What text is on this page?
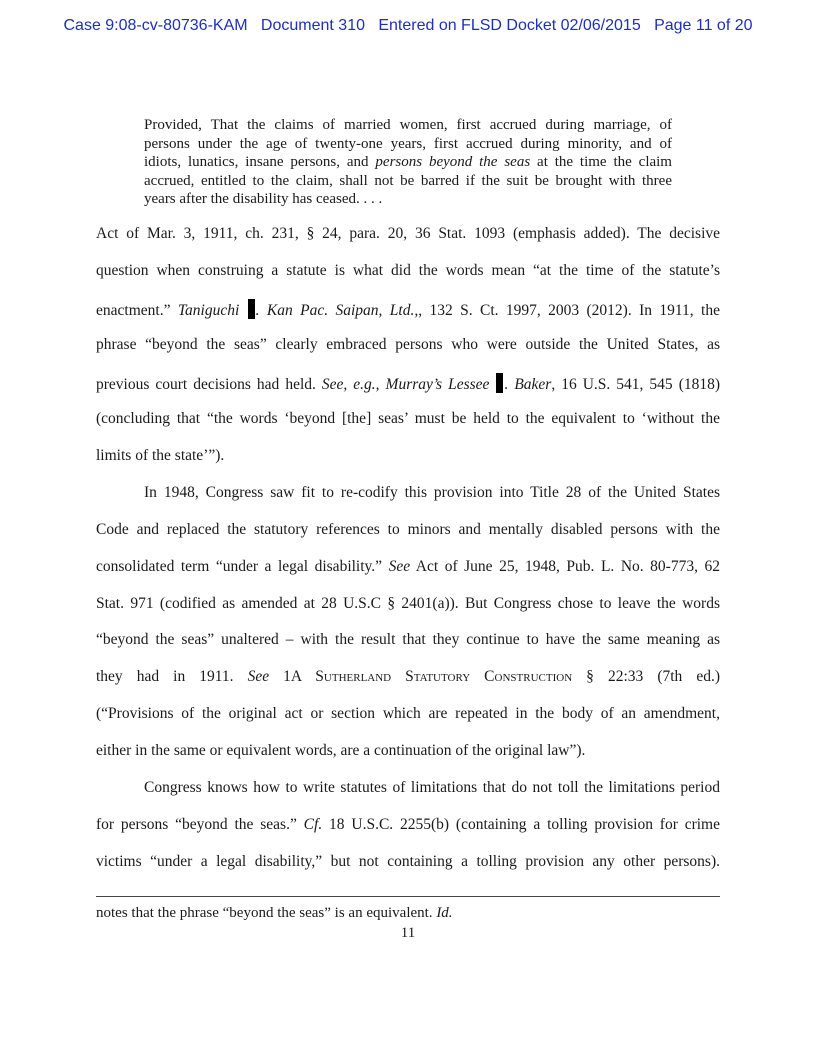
Case 9:08-cv-80736-KAM Document 310 Entered on FLSD Docket 02/06/2015 Page 11 of 20
Provided, That the claims of married women, first accrued during marriage, of
persons under the age of twenty-one years, first accrued during minority, and of
idiots, lunatics, insane persons, and persons beyond the seas at the time the claim
accrued, entitled to the claim, shall not be barred if the suit be brought with three
years after the disability has ceased. . . .
Act of Mar. 3, 1911, ch. 231, § 24, para. 20, 36 Stat. 1093 (emphasis added). The decisive
question when construing a statute is what did the words mean “at the time of the statute’s
enactment.” Taniguchi . Kan Pac. Saipan, Ltd.,, 132 S. Ct. 1997, 2003 (2012). In 1911, the
phrase “beyond the seas” clearly embraced persons who were outside the United States, as
previous court decisions had held. See, e.g., Murray’s Lessee . Baker, 16 U.S. 541, 545 (1818)
(concluding that “the words ‘beyond [the] seas’ must be held to the equivalent to ‘without the
limits of the state’”).
In 1948, Congress saw fit to re-codify this provision into Title 28 of the United States
Code and replaced the statutory references to minors and mentally disabled persons with the
consolidated term “under a legal disability.” See Act of June 25, 1948, Pub. L. No. 80-773, 62
Stat. 971 (codified as amended at 28 U.S.C § 2401(a)). But Congress chose to leave the words
“beyond the seas” unaltered – with the result that they continue to have the same meaning as
they had in 1911. See 1A Sutherland Statutory Construction § 22:33 (7th ed.)
(“Provisions of the original act or section which are repeated in the body of an amendment,
either in the same or equivalent words, are a continuation of the original law”).
Congress knows how to write statutes of limitations that do not toll the limitations period
for persons “beyond the seas.” Cf. 18 U.S.C. 2255(b) (containing a tolling provision for crime
victims “under a legal disability,” but not containing a tolling provision any other persons).
notes that the phrase “beyond the seas” is an equivalent. Id.
11
